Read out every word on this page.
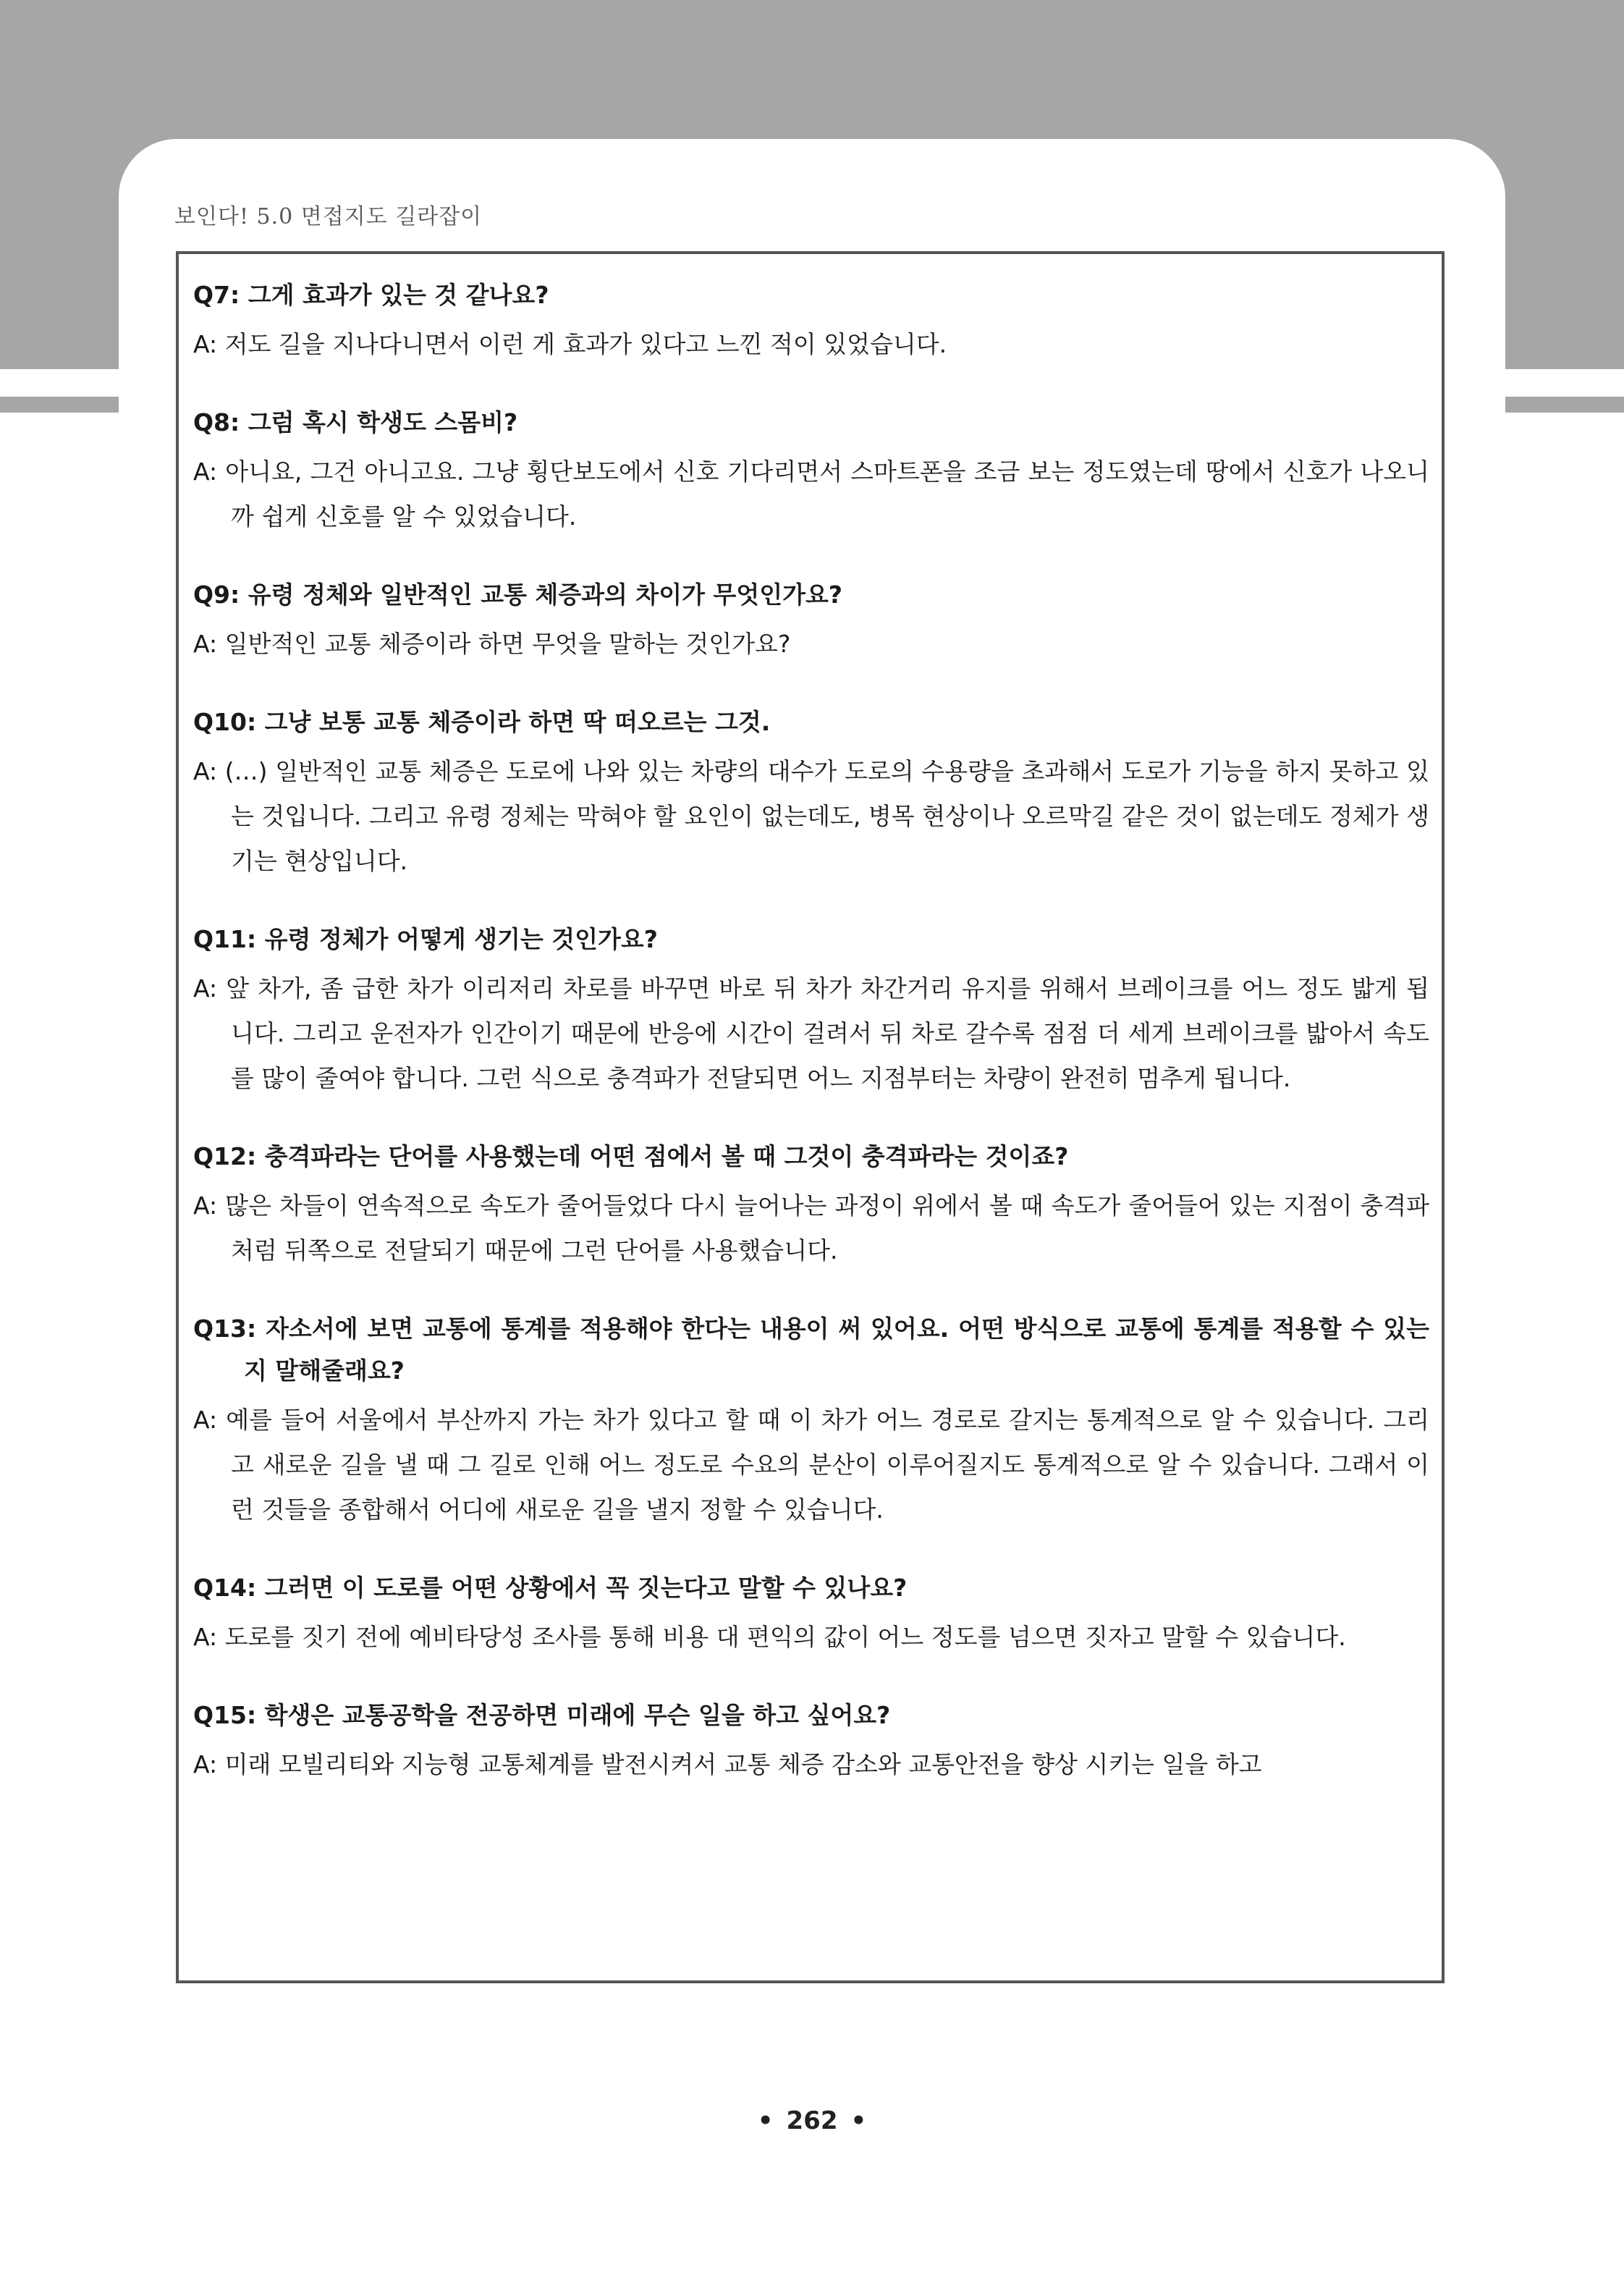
보인다! 5.0 면접지도 길라잡이
Q7: 그게 효과가 있는 것 같나요?
A: 저도 길을 지나다니면서 이런 게 효과가 있다고 느낀 적이 있었습니다.
Q8: 그럼 혹시 학생도 스몸비?
A: 아니요, 그건 아니고요. 그냥 횡단보도에서 신호 기다리면서 스마트폰을 조금 보는 정도였는데 땅에서 신호가 나오니까 쉽게 신호를 알 수 있었습니다.
Q9: 유령 정체와 일반적인 교통 체증과의 차이가 무엇인가요?
A: 일반적인 교통 체증이라 하면 무엇을 말하는 것인가요?
Q10: 그냥 보통 교통 체증이라 하면 딱 떠오르는 그것.
A: (…) 일반적인 교통 체증은 도로에 나와 있는 차량의 대수가 도로의 수용량을 초과해서 도로가 기능을 하지 못하고 있는 것입니다. 그리고 유령 정체는 막혀야 할 요인이 없는데도, 병목 현상이나 오르막길 같은 것이 없는데도 정체가 생기는 현상입니다.
Q11: 유령 정체가 어떻게 생기는 것인가요?
A: 앞 차가, 좀 급한 차가 이리저리 차로를 바꾸면 바로 뒤 차가 차간거리 유지를 위해서 브레이크를 어느 정도 밟게 됩니다. 그리고 운전자가 인간이기 때문에 반응에 시간이 걸려서 뒤 차로 갈수록 점점 더 세게 브레이크를 밟아서 속도를 많이 줄여야 합니다. 그런 식으로 충격파가 전달되면 어느 지점부터는 차량이 완전히 멈추게 됩니다.
Q12: 충격파라는 단어를 사용했는데 어떤 점에서 볼 때 그것이 충격파라는 것이죠?
A: 많은 차들이 연속적으로 속도가 줄어들었다 다시 늘어나는 과정이 위에서 볼 때 속도가 줄어들어 있는 지점이 충격파처럼 뒤쪽으로 전달되기 때문에 그런 단어를 사용했습니다.
Q13: 자소서에 보면 교통에 통계를 적용해야 한다는 내용이 써 있어요. 어떤 방식으로 교통에 통계를 적용할 수 있는지 말해줄래요?
A: 예를 들어 서울에서 부산까지 가는 차가 있다고 할 때 이 차가 어느 경로로 갈지는 통계적으로 알 수 있습니다. 그리고 새로운 길을 낼 때 그 길로 인해 어느 정도로 수요의 분산이 이루어질지도 통계적으로 알 수 있습니다. 그래서 이런 것들을 종합해서 어디에 새로운 길을 낼지 정할 수 있습니다.
Q14: 그러면 이 도로를 어떤 상황에서 꼭 짓는다고 말할 수 있나요?
A: 도로를 짓기 전에 예비타당성 조사를 통해 비용 대 편익의 값이 어느 정도를 넘으면 짓자고 말할 수 있습니다.
Q15: 학생은 교통공학을 전공하면 미래에 무슨 일을 하고 싶어요?
A: 미래 모빌리티와 지능형 교통체계를 발전시켜서 교통 체증 감소와 교통안전을 향상 시키는 일을 하고
• 262 •
